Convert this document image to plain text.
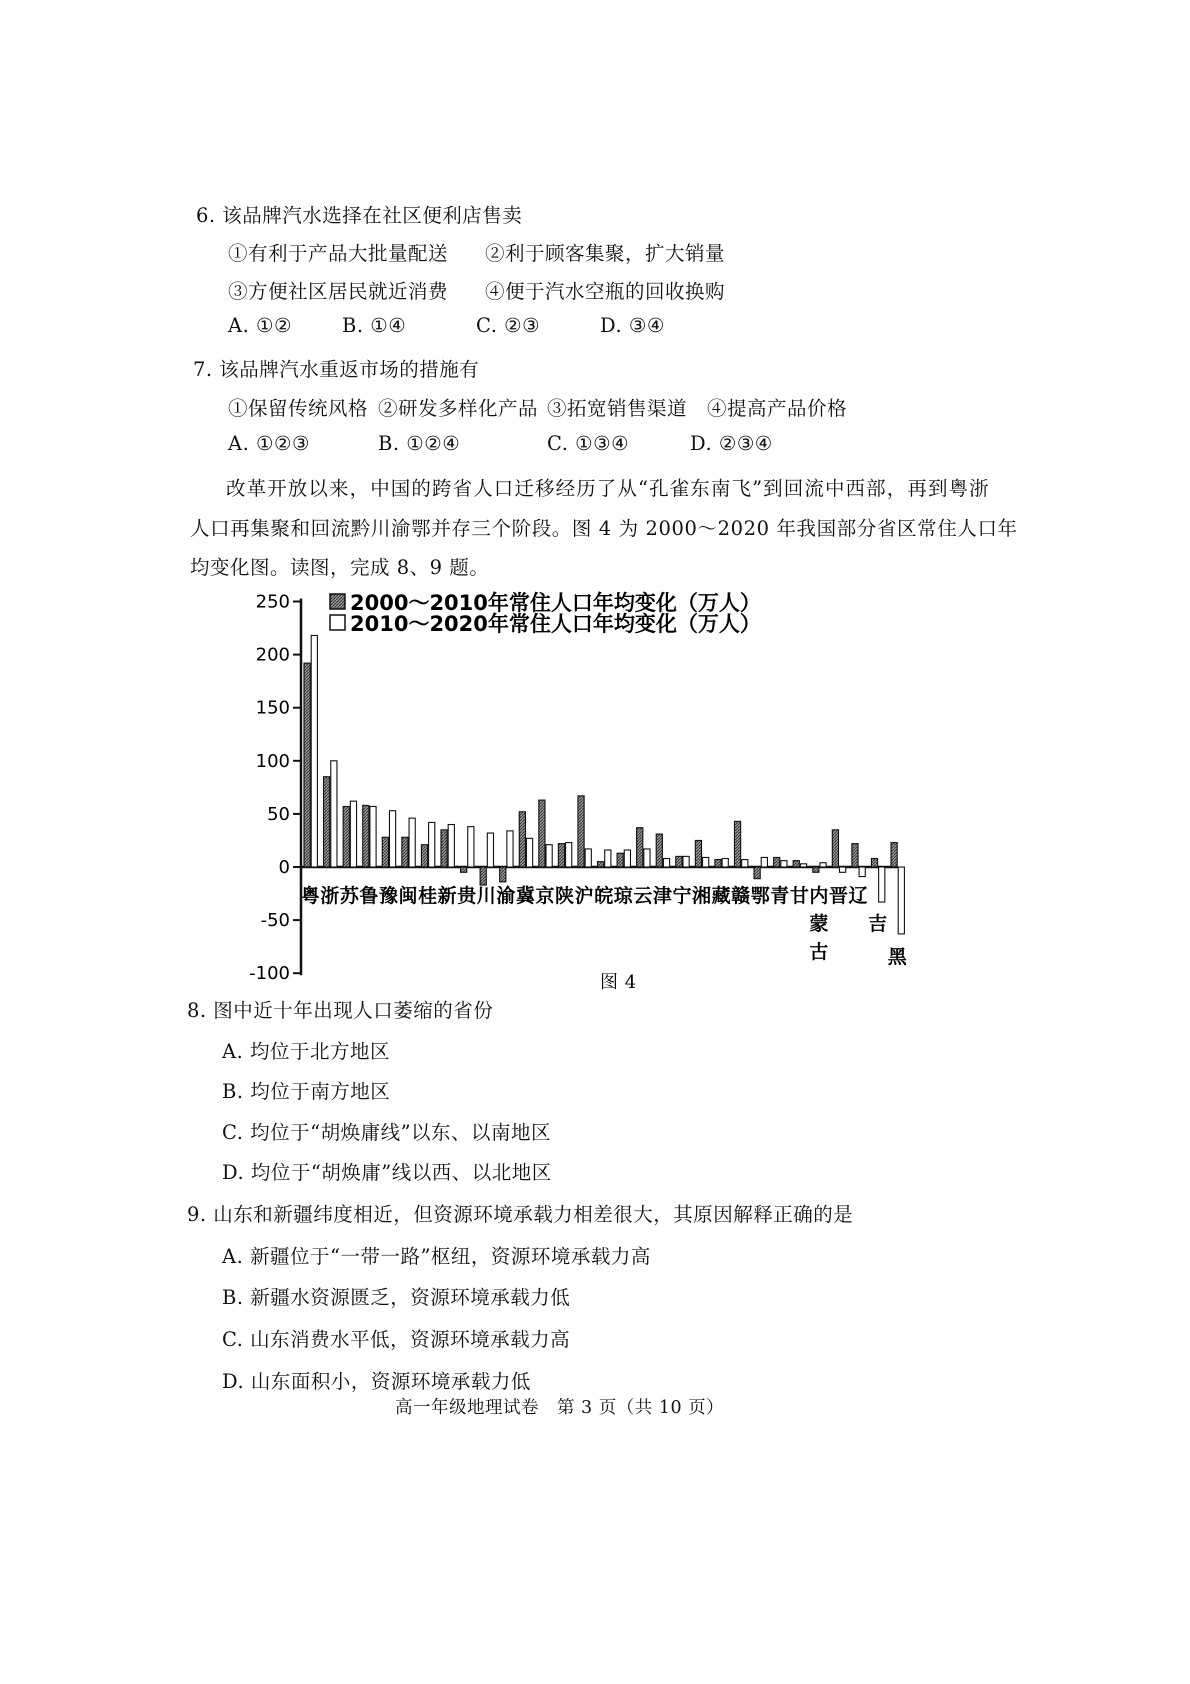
6. 该品牌汽水选择在社区便利店售卖
①有利于产品大批量配送 ②利于顾客集聚，扩大销量
③方便社区居民就近消费 ④便于汽水空瓶的回收换购
A. ①②	B. ①④	C. ②③	D. ③④
7. 该品牌汽水重返市场的措施有
①保留传统风格 ②研发多样化产品 ③拓宽销售渠道 ④提高产品价格
A. ①②③	B. ①②④	C. ①③④	D. ②③④
改革开放以来，中国的跨省人口迁移经历了从“孔雀东南飞”到回流中西部，再到粤浙
人口再集聚和回流黔川渝鄂并存三个阶段。图 4 为 2000～2020 年我国部分省区常住人口年
均变化图。读图，完成 8、9 题。
250
200
150
100
50
0
-50
-100
粤 浙 苏 鲁 豫 闽 桂 新 贵 川 渝 冀 京 陕 沪 皖 琼 云 津 宁 湘 藏 赣 鄂 青 甘 内 晋 辽
吉
黑
蒙
古
2000～2010年常住人口年均变化（万人）
2010～2020年常住人口年均变化（万人）
图 4
8. 图中近十年出现人口萎缩的省份
A. 均位于北方地区
B. 均位于南方地区
C. 均位于“胡焕庸线”以东、以南地区
D. 均位于“胡焕庸”线以西、以北地区
9. 山东和新疆纬度相近，但资源环境承载力相差很大，其原因解释正确的是
A. 新疆位于“一带一路”枢纽，资源环境承载力高
B. 新疆水资源匮乏，资源环境承载力低
C. 山东消费水平低，资源环境承载力高
D. 山东面积小，资源环境承载力低
高一年级地理试卷　第 3 页（共 10 页）
